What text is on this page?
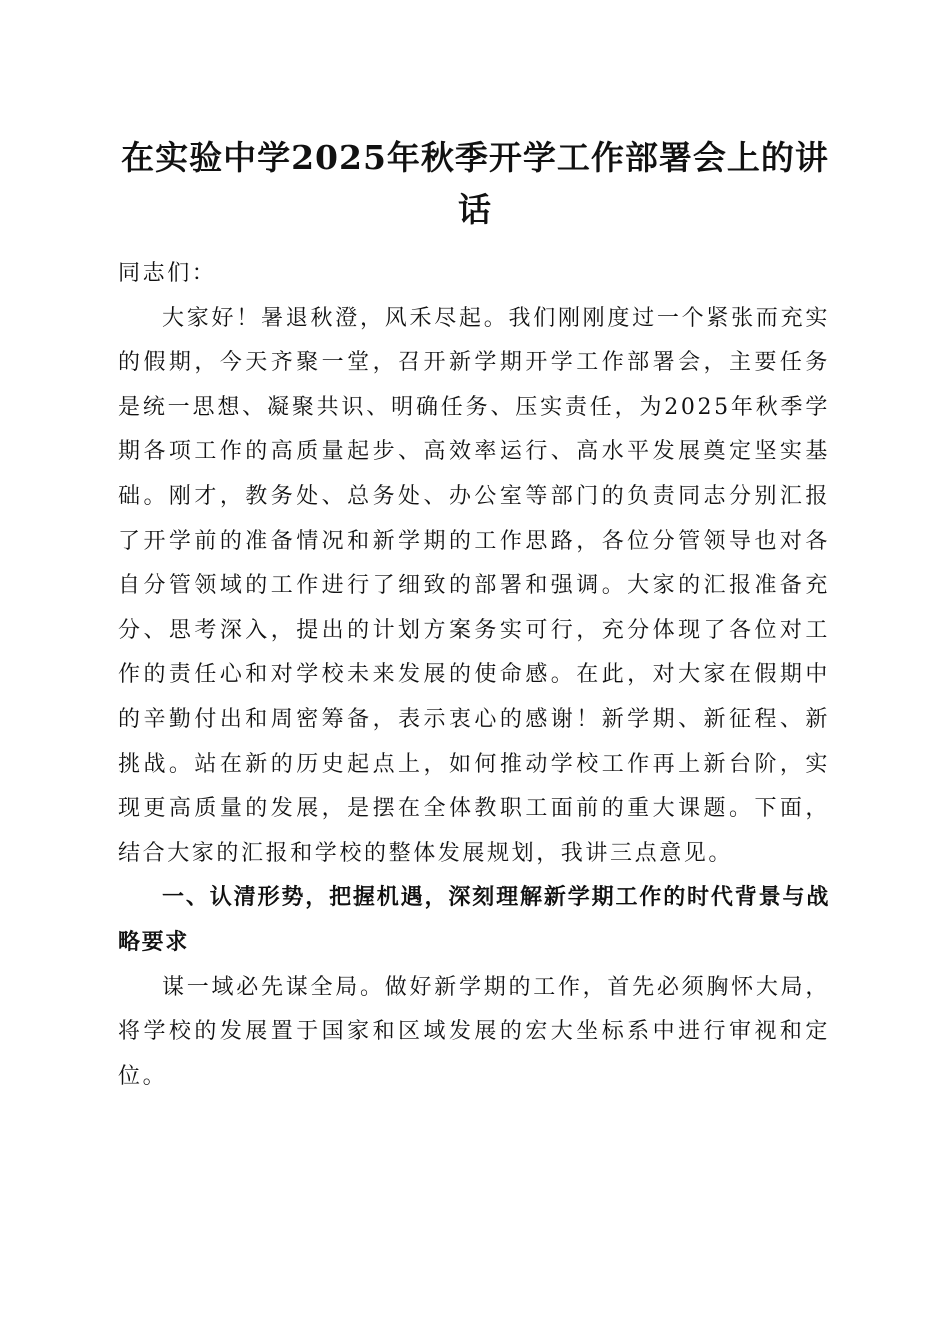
在实验中学2025年秋季开学工作部署会上的讲话

同志们：

大家好！暑退秋澄，风禾尽起。我们刚刚度过一个紧张而充实的假期，今天齐聚一堂，召开新学期开学工作部署会，主要任务是统一思想、凝聚共识、明确任务、压实责任，为2025年秋季学期各项工作的高质量起步、高效率运行、高水平发展奠定坚实基础。刚才，教务处、总务处、办公室等部门的负责同志分别汇报了开学前的准备情况和新学期的工作思路，各位分管领导也对各自分管领域的工作进行了细致的部署和强调。大家的汇报准备充分、思考深入，提出的计划方案务实可行，充分体现了各位对工作的责任心和对学校未来发展的使命感。在此，对大家在假期中的辛勤付出和周密筹备，表示衷心的感谢！新学期、新征程、新挑战。站在新的历史起点上，如何推动学校工作再上新台阶，实现更高质量的发展，是摆在全体教职工面前的重大课题。下面，结合大家的汇报和学校的整体发展规划，我讲三点意见。

一、认清形势，把握机遇，深刻理解新学期工作的时代背景与战略要求

谋一域必先谋全局。做好新学期的工作，首先必须胸怀大局，将学校的发展置于国家和区域发展的宏大坐标系中进行审视和定位。
